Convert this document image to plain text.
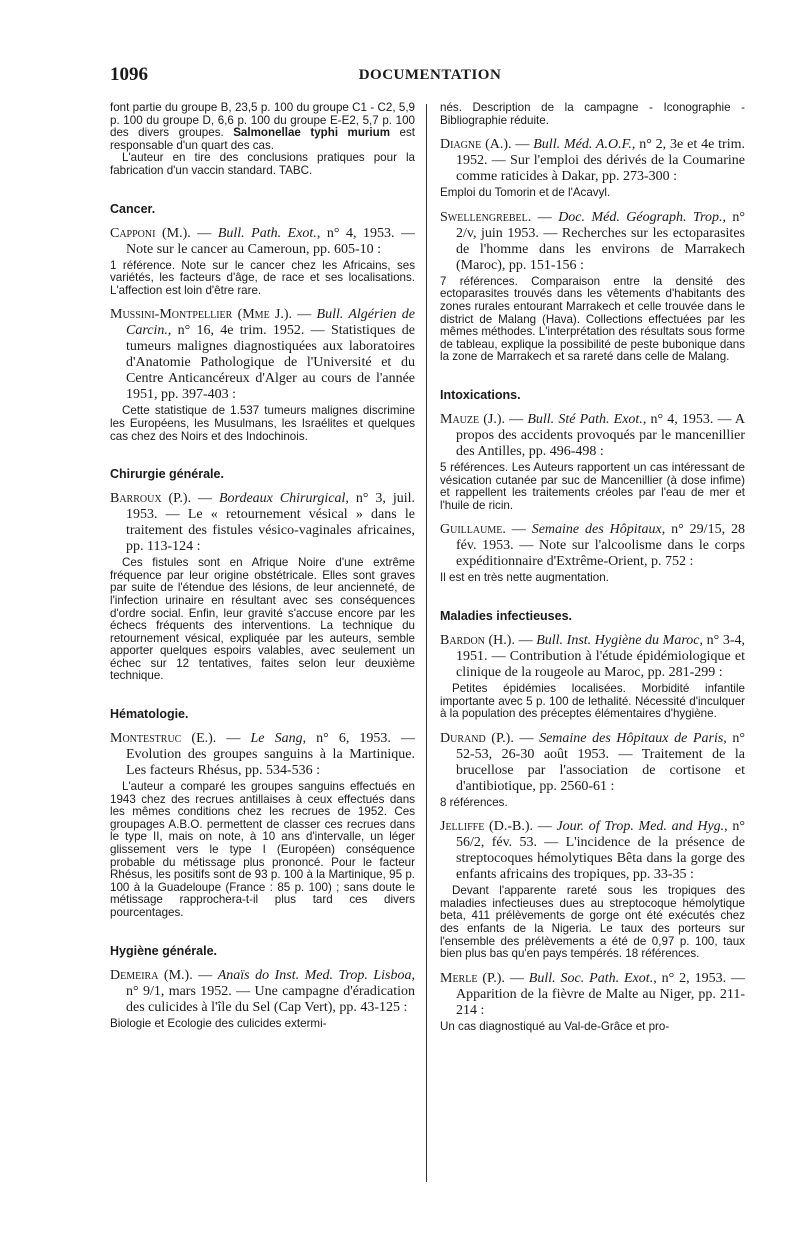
1096	DOCUMENTATION

font partie du groupe B, 23,5 p. 100 du groupe C1 - C2, 5,9 p. 100 du groupe D, 6,6 p. 100 du groupe E-E2, 5,7 p. 100 des divers groupes. Salmonellae typhi murium est responsable d'un quart des cas.

L'auteur en tire des conclusions pratiques pour la fabrication d'un vaccin standard. TABC.

Cancer.

Capponi (M.). — Bull. Path. Exot., n° 4, 1953. — Note sur le cancer au Cameroun, pp. 605-10 :

1 référence. Note sur le cancer chez les Africains, ses variétés, les facteurs d'âge, de race et ses localisations. L'affection est loin d'être rare.

Mussini-Montpellier (Mme J.). — Bull. Algérien de Carcin., n° 16, 4e trim. 1952. — Statistiques de tumeurs malignes diagnostiquées aux laboratoires d'Anatomie Pathologique de l'Université et du Centre Anticancéreux d'Alger au cours de l'année 1951, pp. 397-403 :

Cette statistique de 1.537 tumeurs malignes discrimine les Européens, les Musulmans, les Israélites et quelques cas chez des Noirs et des Indochinois.

Chirurgie générale.

Barroux (P.). — Bordeaux Chirurgical, n° 3, juil. 1953. — Le « retournement vésical » dans le traitement des fistules vésico-vaginales africaines, pp. 113-124 :

Ces fistules sont en Afrique Noire d'une extrême fréquence par leur origine obstétricale. Elles sont graves par suite de l'étendue des lésions, de leur ancienneté, de l'infection urinaire en résultant avec ses conséquences d'ordre social. Enfin, leur gravité s'accuse encore par les échecs fréquents des interventions. La technique du retournement vésical, expliquée par les auteurs, semble apporter quelques espoirs valables, avec seulement un échec sur 12 tentatives, faites selon leur deuxième technique.

Hématologie.

Montestruc (E.). — Le Sang, n° 6, 1953. — Evolution des groupes sanguins à la Martinique. Les facteurs Rhésus, pp. 534-536 :

L'auteur a comparé les groupes sanguins effectués en 1943 chez des recrues antillaises à ceux effectués dans les mêmes conditions chez les recrues de 1952. Ces groupages A.B.O. permettent de classer ces recrues dans le type II, mais on note, à 10 ans d'intervalle, un léger glissement vers le type I (Européen) conséquence probable du métissage plus prononcé. Pour le facteur Rhésus, les positifs sont de 93 p. 100 à la Martinique, 95 p. 100 à la Guadeloupe (France : 85 p. 100) ; sans doute le métissage rapprochera-t-il plus tard ces divers pourcentages.

Hygiène générale.

Demeira (M.). — Anaïs do Inst. Med. Trop. Lisboa, n° 9/1, mars 1952. — Une campagne d'éradication des culicides à l'île du Sel (Cap Vert), pp. 43-125 :

Biologie et Ecologie des culicides extermi-

nés. Description de la campagne - Iconographie - Bibliographie réduite.

Diagne (A.). — Bull. Méd. A.O.F., n° 2, 3e et 4e trim. 1952. — Sur l'emploi des dérivés de la Coumarine comme raticides à Dakar, pp. 273-300 :

Emploi du Tomorin et de l'Acavyl.

Swellengrebel. — Doc. Méd. Géograph. Trop., n° 2/v, juin 1953. — Recherches sur les ectoparasites de l'homme dans les environs de Marrakech (Maroc), pp. 151-156 :

7 références. Comparaison entre la densité des ectoparasites trouvés dans les vêtements d'habitants des zones rurales entourant Marrakech et celle trouvée dans le district de Malang (Hava). Collections effectuées par les mêmes méthodes. L'interprétation des résultats sous forme de tableau, explique la possibilité de peste bubonique dans la zone de Marrakech et sa rareté dans celle de Malang.

Intoxications.

Mauze (J.). — Bull. Sté Path. Exot., n° 4, 1953. — A propos des accidents provoqués par le mancenillier des Antilles, pp. 496-498 :

5 références. Les Auteurs rapportent un cas intéressant de vésication cutanée par suc de Mancenillier (à dose infime) et rappellent les traitements créoles par l'eau de mer et l'huile de ricin.

Guillaume. — Semaine des Hôpitaux, n° 29/15, 28 fév. 1953. — Note sur l'alcoolisme dans le corps expéditionnaire d'Extrême-Orient, p. 752 :

Il est en très nette augmentation.

Maladies infectieuses.

Bardon (H.). — Bull. Inst. Hygiène du Maroc, n° 3-4, 1951. — Contribution à l'étude épidémiologique et clinique de la rougeole au Maroc, pp. 281-299 :

Petites épidémies localisées. Morbidité infantile importante avec 5 p. 100 de lethalité. Nécessité d'inculquer à la population des préceptes élémentaires d'hygiène.

Durand (P.). — Semaine des Hôpitaux de Paris, n° 52-53, 26-30 août 1953. — Traitement de la brucellose par l'association de cortisone et d'antibiotique, pp. 2560-61 :

8 références.

Jelliffe (D.-B.). — Jour. of Trop. Med. and Hyg., n° 56/2, fév. 53. — L'incidence de la présence de streptocoques hémolytiques Bêta dans la gorge des enfants africains des tropiques, pp. 33-35 :

Devant l'apparente rareté sous les tropiques des maladies infectieuses dues au streptocoque hémolytique beta, 411 prélèvements de gorge ont été exécutés chez des enfants de la Nigeria. Le taux des porteurs sur l'ensemble des prélèvements a été de 0,97 p. 100, taux bien plus bas qu'en pays tempérés. 18 références.

Merle (P.). — Bull. Soc. Path. Exot., n° 2, 1953. — Apparition de la fièvre de Malte au Niger, pp. 211-214 :

Un cas diagnostiqué au Val-de-Grâce et pro-
